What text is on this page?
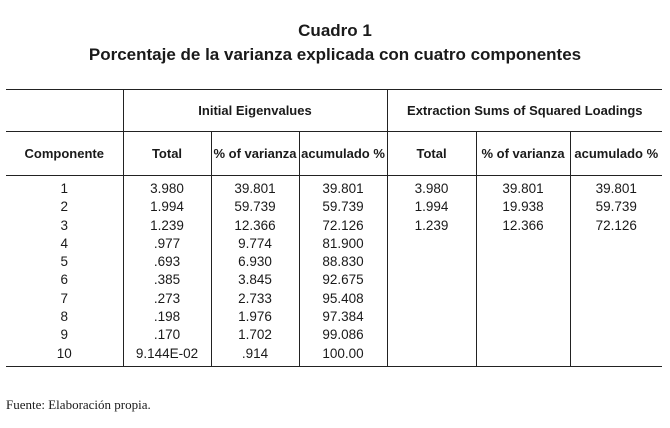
Cuadro 1
Porcentaje de la varianza explicada con cuatro componentes
	Initial Eigenvalues			Extraction Sums of Squared Loadings		
Componente	Total	% of varianza	acumulado %	Total	% of varianza	acumulado %
1	3.980	39.801	39.801	3.980	39.801	39.801
2	1.994	59.739	59.739	1.994	19.938	59.739
3	1.239	12.366	72.126	1.239	12.366	72.126
4	.977	9.774	81.900			
5	.693	6.930	88.830			
6	.385	3.845	92.675			
7	.273	2.733	95.408			
8	.198	1.976	97.384			
9	.170	1.702	99.086			
10	9.144E-02	.914	100.00			
Fuente: Elaboración propia.
